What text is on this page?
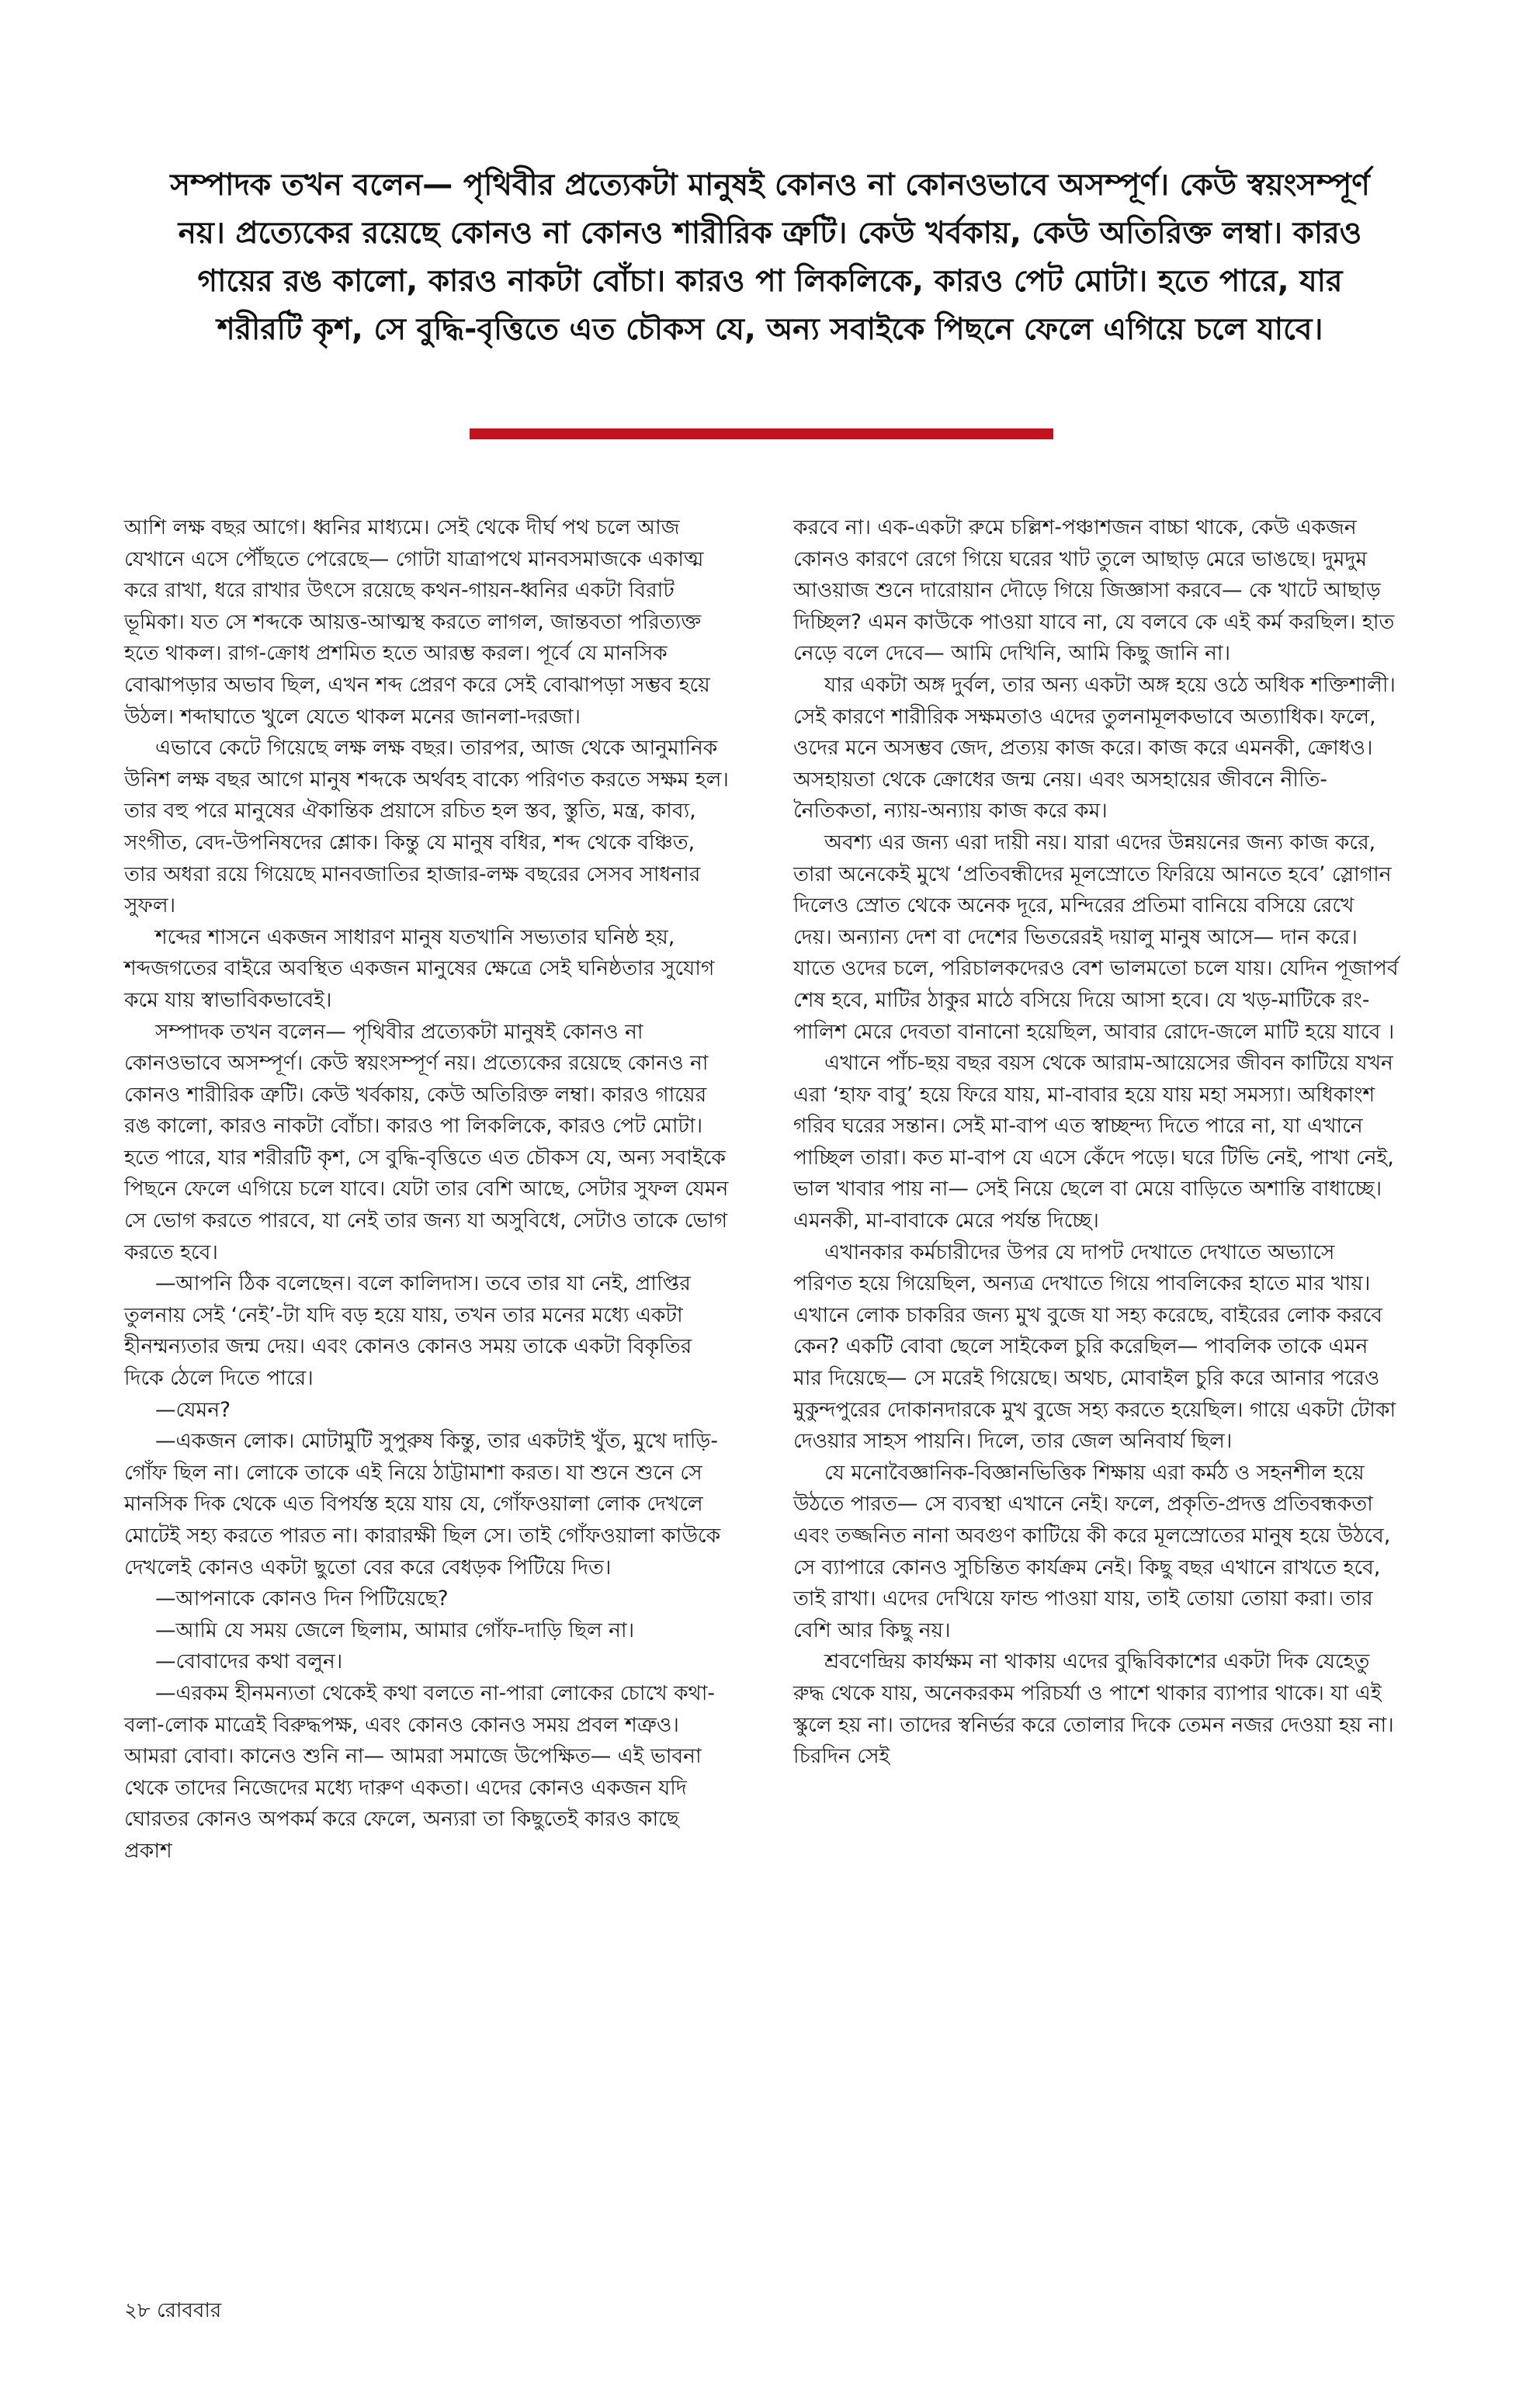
সম্পাদক তখন বলেন— পৃথিবীর প্রত্যেকটা মানুষই কোনও না কোনওভাবে অসম্পূর্ণ। কেউ স্বয়ংসম্পূর্ণ নয়। প্রত্যেকের রয়েছে কোনও না কোনও শারীরিক ত্রুটি। কেউ খর্বকায়, কেউ অতিরিক্ত লম্বা। কারও গায়ের রঙ কালো, কারও নাকটা বোঁচা। কারও পা লিকলিকে, কারও পেট মোটা। হতে পারে, যার শরীরটি কৃশ, সে বুদ্ধি-বৃত্তিতে এত চৌকস যে, অন্য সবাইকে পিছনে ফেলে এগিয়ে চলে যাবে।

আশি লক্ষ বছর আগে। ধ্বনির মাধ্যমে। সেই থেকে দীর্ঘ পথ চলে আজ যেখানে এসে পৌঁছতে পেরেছে— গোটা যাত্রাপথে মানবসমাজকে একাত্ম করে রাখা, ধরে রাখার উৎসে রয়েছে কথন-গায়ন-ধ্বনির একটা বিরাট ভূমিকা। যত সে শব্দকে আয়ত্ত-আত্মস্থ করতে লাগল, জান্তবতা পরিত্যক্ত হতে থাকল। রাগ-ক্রোধ প্রশমিত হতে আরম্ভ করল। পূর্বে যে মানসিক বোঝাপড়ার অভাব ছিল, এখন শব্দ প্রেরণ করে সেই বোঝাপড়া সম্ভব হয়ে উঠল। শব্দাঘাতে খুলে যেতে থাকল মনের জানলা-দরজা।

এভাবে কেটে গিয়েছে লক্ষ লক্ষ বছর। তারপর, আজ থেকে আনুমানিক উনিশ লক্ষ বছর আগে মানুষ শব্দকে অর্থবহ বাক্যে পরিণত করতে সক্ষম হল। তার বহু পরে মানুষের ঐকান্তিক প্রয়াসে রচিত হল স্তব, স্তুতি, মন্ত্র, কাব্য, সংগীত, বেদ-উপনিষদের শ্লোক। কিন্তু যে মানুষ বধির, শব্দ থেকে বঞ্চিত, তার অধরা রয়ে গিয়েছে মানবজাতির হাজার-লক্ষ বছরের সেসব সাধনার সুফল।

শব্দের শাসনে একজন সাধারণ মানুষ যতখানি সভ্যতার ঘনিষ্ঠ হয়, শব্দজগতের বাইরে অবস্থিত একজন মানুষের ক্ষেত্রে সেই ঘনিষ্ঠতার সুযোগ কমে যায় স্বাভাবিকভাবেই।

সম্পাদক তখন বলেন— পৃথিবীর প্রত্যেকটা মানুষই কোনও না কোনওভাবে অসম্পূর্ণ। কেউ স্বয়ংসম্পূর্ণ নয়। প্রত্যেকের রয়েছে কোনও না কোনও শারীরিক ত্রুটি। কেউ খর্বকায়, কেউ অতিরিক্ত লম্বা। কারও গায়ের রঙ কালো, কারও নাকটা বোঁচা। কারও পা লিকলিকে, কারও পেট মোটা। হতে পারে, যার শরীরটি কৃশ, সে বুদ্ধি-বৃত্তিতে এত চৌকস যে, অন্য সবাইকে পিছনে ফেলে এগিয়ে চলে যাবে। যেটা তার বেশি আছে, সেটার সুফল যেমন সে ভোগ করতে পারবে, যা নেই তার জন্য যা অসুবিধে, সেটাও তাকে ভোগ করতে হবে।

—আপনি ঠিক বলেছেন। বলে কালিদাস। তবে তার যা নেই, প্রাপ্তির তুলনায় সেই ‘নেই’-টা যদি বড় হয়ে যায়, তখন তার মনের মধ্যে একটা হীনম্মন্যতার জন্ম দেয়। এবং কোনও কোনও সময় তাকে একটা বিকৃতির দিকে ঠেলে দিতে পারে।

—যেমন?

—একজন লোক। মোটামুটি সুপুরুষ কিন্তু, তার একটাই খুঁত, মুখে দাড়ি-গোঁফ ছিল না। লোকে তাকে এই নিয়ে ঠাট্টামাশা করত। যা শুনে শুনে সে মানসিক দিক থেকে এত বিপর্যস্ত হয়ে যায় যে, গোঁফওয়ালা লোক দেখলে মোটেই সহ্য করতে পারত না। কারারক্ষী ছিল সে। তাই গোঁফওয়ালা কাউকে দেখলেই কোনও একটা ছুতো বের করে বেধড়ক পিটিয়ে দিত।

—আপনাকে কোনও দিন পিটিয়েছে?

—আমি যে সময় জেলে ছিলাম, আমার গোঁফ-দাড়ি ছিল না।

—বোবাদের কথা বলুন।

—এরকম হীনমন্যতা থেকেই কথা বলতে না-পারা লোকের চোখে কথা-বলা-লোক মাত্রেই বিরুদ্ধপক্ষ, এবং কোনও কোনও সময় প্রবল শত্রুও। আমরা বোবা। কানেও শুনি না— আমরা সমাজে উপেক্ষিত— এই ভাবনা থেকে তাদের নিজেদের মধ্যে দারুণ একতা। এদের কোনও একজন যদি ঘোরতর কোনও অপকর্ম করে ফেলে, অন্যরা তা কিছুতেই কারও কাছে প্রকাশ

করবে না। এক-একটা রুমে চল্লিশ-পঞ্চাশজন বাচ্চা থাকে, কেউ একজন কোনও কারণে রেগে গিয়ে ঘরের খাট তুলে আছাড় মেরে ভাঙছে। দুমদুম আওয়াজ শুনে দারোয়ান দৌড়ে গিয়ে জিজ্ঞাসা করবে— কে খাটে আছাড় দিচ্ছিল? এমন কাউকে পাওয়া যাবে না, যে বলবে কে এই কর্ম করছিল। হাত নেড়ে বলে দেবে— আমি দেখিনি, আমি কিছু জানি না।

যার একটা অঙ্গ দুর্বল, তার অন্য একটা অঙ্গ হয়ে ওঠে অধিক শক্তিশালী। সেই কারণে শারীরিক সক্ষমতাও এদের তুলনামূলকভাবে অত্যাধিক। ফলে, ওদের মনে অসম্ভব জেদ, প্রত্যয় কাজ করে। কাজ করে এমনকী, ক্রোধও। অসহায়তা থেকে ক্রোধের জন্ম নেয়। এবং অসহায়ের জীবনে নীতি-নৈতিকতা, ন্যায়-অন্যায় কাজ করে কম।

অবশ্য এর জন্য এরা দায়ী নয়। যারা এদের উন্নয়নের জন্য কাজ করে, তারা অনেকেই মুখে ‘প্রতিবন্ধীদের মূলস্রোতে ফিরিয়ে আনতে হবে’ স্লোগান দিলেও স্রোত থেকে অনেক দূরে, মন্দিরের প্রতিমা বানিয়ে বসিয়ে রেখে দেয়। অন্যান্য দেশ বা দেশের ভিতরেরই দয়ালু মানুষ আসে— দান করে। যাতে ওদের চলে, পরিচালকদেরও বেশ ভালমতো চলে যায়। যেদিন পূজাপর্ব শেষ হবে, মাটির ঠাকুর মাঠে বসিয়ে দিয়ে আসা হবে। যে খড়-মাটিকে রং-পালিশ মেরে দেবতা বানানো হয়েছিল, আবার রোদে-জলে মাটি হয়ে যাবে ।

এখানে পাঁচ-ছয় বছর বয়স থেকে আরাম-আয়েসের জীবন কাটিয়ে যখন এরা ‘হাফ বাবু’ হয়ে ফিরে যায়, মা-বাবার হয়ে যায় মহা সমস্যা। অধিকাংশ গরিব ঘরের সন্তান। সেই মা-বাপ এত স্বাচ্ছন্দ্য দিতে পারে না, যা এখানে পাচ্ছিল তারা। কত মা-বাপ যে এসে কেঁদে পড়ে। ঘরে টিভি নেই, পাখা নেই, ভাল খাবার পায় না— সেই নিয়ে ছেলে বা মেয়ে বাড়িতে অশান্তি বাধাচ্ছে। এমনকী, মা-বাবাকে মেরে পর্যন্ত দিচ্ছে।

এখানকার কর্মচারীদের উপর যে দাপট দেখাতে দেখাতে অভ্যাসে পরিণত হয়ে গিয়েছিল, অন্যত্র দেখাতে গিয়ে পাবলিকের হাতে মার খায়। এখানে লোক চাকরির জন্য মুখ বুজে যা সহ্য করেছে, বাইরের লোক করবে কেন? একটি বোবা ছেলে সাইকেল চুরি করেছিল— পাবলিক তাকে এমন মার দিয়েছে— সে মরেই গিয়েছে। অথচ, মোবাইল চুরি করে আনার পরেও মুকুন্দপুরের দোকানদারকে মুখ বুজে সহ্য করতে হয়েছিল। গায়ে একটা টোকা দেওয়ার সাহস পায়নি। দিলে, তার জেল অনিবার্য ছিল।

যে মনোবৈজ্ঞানিক-বিজ্ঞানভিত্তিক শিক্ষায় এরা কর্মঠ ও সহনশীল হয়ে উঠতে পারত— সে ব্যবস্থা এখানে নেই। ফলে, প্রকৃতি-প্রদত্ত প্রতিবন্ধকতা এবং তজ্জনিত নানা অবগুণ কাটিয়ে কী করে মূলস্রোতের মানুষ হয়ে উঠবে, সে ব্যাপারে কোনও সুচিন্তিত কার্যক্রম নেই। কিছু বছর এখানে রাখতে হবে, তাই রাখা। এদের দেখিয়ে ফান্ড পাওয়া যায়, তাই তোয়া তোয়া করা। তার বেশি আর কিছু নয়।

শ্রবণেন্দ্রিয় কার্যক্ষম না থাকায় এদের বুদ্ধিবিকাশের একটা দিক যেহেতু রুদ্ধ থেকে যায়, অনেকরকম পরিচর্যা ও পাশে থাকার ব্যাপার থাকে। যা এই স্কুলে হয় না। তাদের স্বনির্ভর করে তোলার দিকে তেমন নজর দেওয়া হয় না। চিরদিন সেই

২৮ রোববার
